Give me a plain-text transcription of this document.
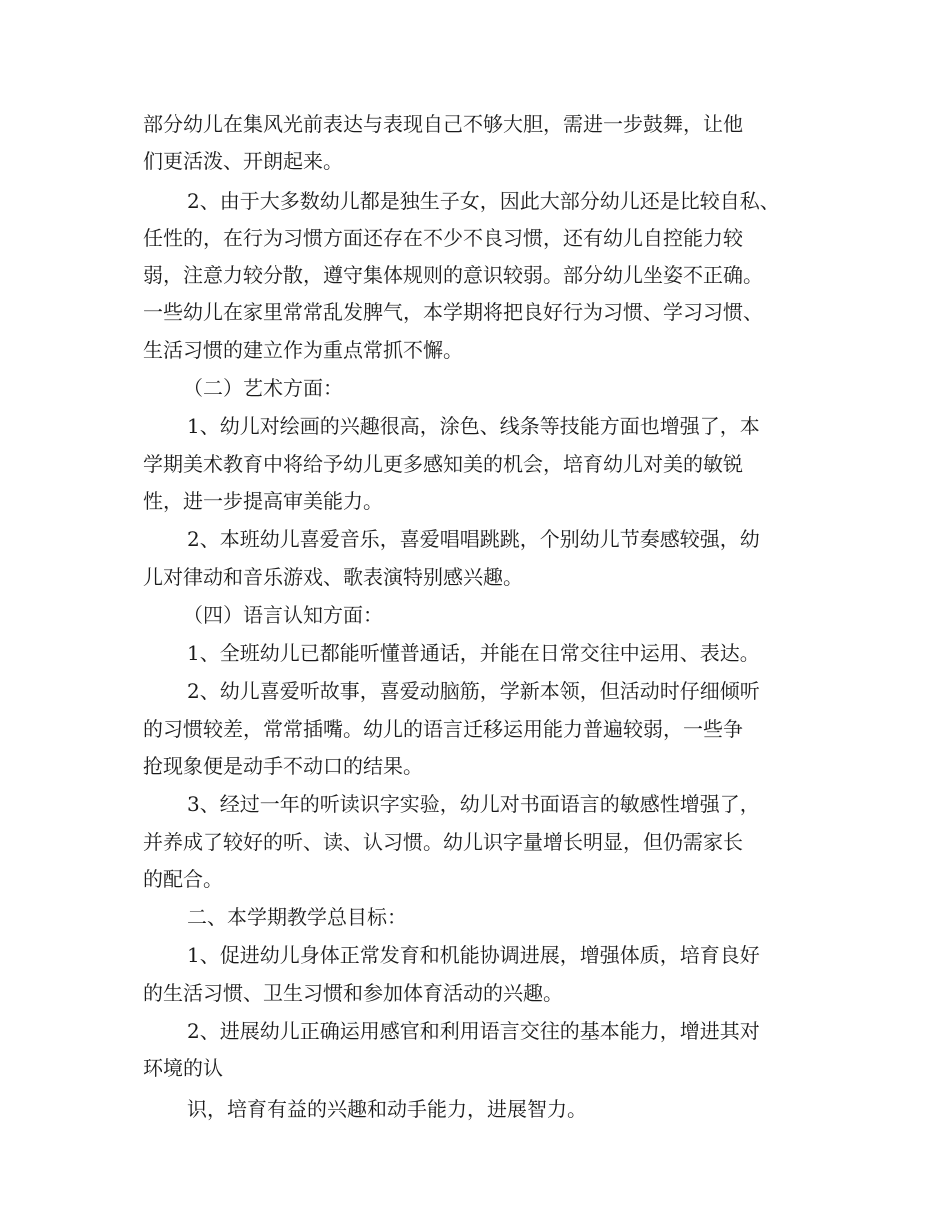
部分幼儿在集风光前表达与表现自己不够大胆，需进一步鼓舞，让他
们更活泼、开朗起来。
2、由于大多数幼儿都是独生子女，因此大部分幼儿还是比较自私、
任性的，在行为习惯方面还存在不少不良习惯，还有幼儿自控能力较
弱，注意力较分散，遵守集体规则的意识较弱。部分幼儿坐姿不正确。
一些幼儿在家里常常乱发脾气，本学期将把良好行为习惯、学习习惯、
生活习惯的建立作为重点常抓不懈。
（二）艺术方面：
1、幼儿对绘画的兴趣很高，涂色、线条等技能方面也增强了，本
学期美术教育中将给予幼儿更多感知美的机会，培育幼儿对美的敏锐
性，进一步提高审美能力。
2、本班幼儿喜爱音乐，喜爱唱唱跳跳，个别幼儿节奏感较强，幼
儿对律动和音乐游戏、歌表演特别感兴趣。
（四）语言认知方面：
1、全班幼儿已都能听懂普通话，并能在日常交往中运用、表达。
2、幼儿喜爱听故事，喜爱动脑筋，学新本领，但活动时仔细倾听
的习惯较差，常常插嘴。幼儿的语言迁移运用能力普遍较弱，一些争
抢现象便是动手不动口的结果。
3、经过一年的听读识字实验，幼儿对书面语言的敏感性增强了，
并养成了较好的听、读、认习惯。幼儿识字量增长明显，但仍需家长
的配合。
二、本学期教学总目标：
1、促进幼儿身体正常发育和机能协调进展，增强体质，培育良好
的生活习惯、卫生习惯和参加体育活动的兴趣。
2、进展幼儿正确运用感官和利用语言交往的基本能力，增进其对
环境的认
识，培育有益的兴趣和动手能力，进展智力。
